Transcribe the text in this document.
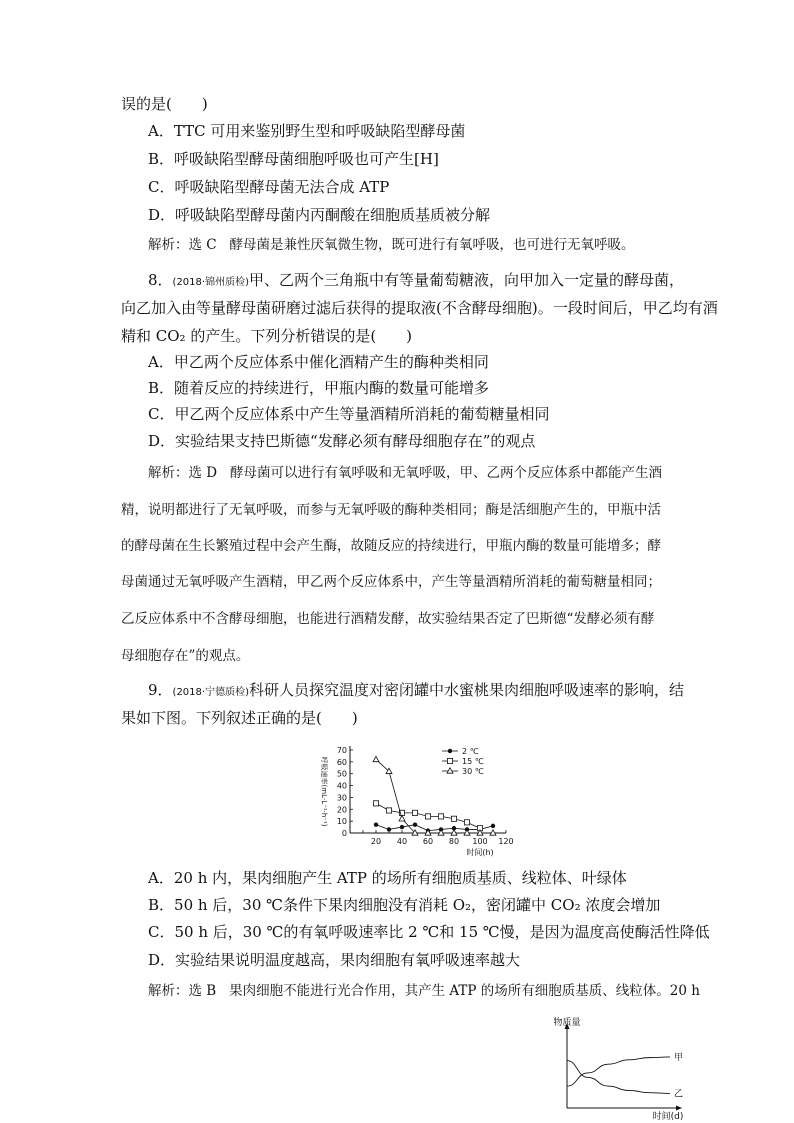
误的是(　　)
A．TTC 可用来鉴别野生型和呼吸缺陷型酵母菌
B．呼吸缺陷型酵母菌细胞呼吸也可产生[H]
C．呼吸缺陷型酵母菌无法合成 ATP
D．呼吸缺陷型酵母菌内丙酮酸在细胞质基质被分解
解析：选 C 酵母菌是兼性厌氧微生物，既可进行有氧呼吸，也可进行无氧呼吸。
8．(2018·锦州质检)甲、乙两个三角瓶中有等量葡萄糖液，向甲加入一定量的酵母菌，
向乙加入由等量酵母菌研磨过滤后获得的提取液(不含酵母细胞)。一段时间后，甲乙均有酒
精和 CO₂ 的产生。下列分析错误的是(　　)
A．甲乙两个反应体系中催化酒精产生的酶种类相同
B．随着反应的持续进行，甲瓶内酶的数量可能增多
C．甲乙两个反应体系中产生等量酒精所消耗的葡萄糖量相同
D．实验结果支持巴斯德“发酵必须有酵母细胞存在”的观点
解析：选 D 酵母菌可以进行有氧呼吸和无氧呼吸，甲、乙两个反应体系中都能产生酒
精，说明都进行了无氧呼吸，而参与无氧呼吸的酶种类相同；酶是活细胞产生的，甲瓶中活
的酵母菌在生长繁殖过程中会产生酶，故随反应的持续进行，甲瓶内酶的数量可能增多；酵
母菌通过无氧呼吸产生酒精，甲乙两个反应体系中，产生等量酒精所消耗的葡萄糖量相同；
乙反应体系中不含酵母细胞，也能进行酒精发酵，故实验结果否定了巴斯德“发酵必须有酵
母细胞存在”的观点。
9．(2018·宁德质检)科研人员探究温度对密闭罐中水蜜桃果肉细胞呼吸速率的影响，结
果如下图。下列叙述正确的是(　　)
0
10
20
30
40
50
60
70
20 40 60 80 100 120
时间(h)
呼吸速率(mL·L⁻¹·h⁻¹)
2 ℃
15 ℃
30 ℃
A．20 h 内，果肉细胞产生 ATP 的场所有细胞质基质、线粒体、叶绿体
B．50 h 后，30 ℃条件下果肉细胞没有消耗 O₂，密闭罐中 CO₂ 浓度会增加
C．50 h 后，30 ℃的有氧呼吸速率比 2 ℃和 15 ℃慢，是因为温度高使酶活性降低
D．实验结果说明温度越高，果肉细胞有氧呼吸速率越大
解析：选 B 果肉细胞不能进行光合作用，其产生 ATP 的场所有细胞质基质、线粒体。20 h
物质量
时间(d)
甲
乙
